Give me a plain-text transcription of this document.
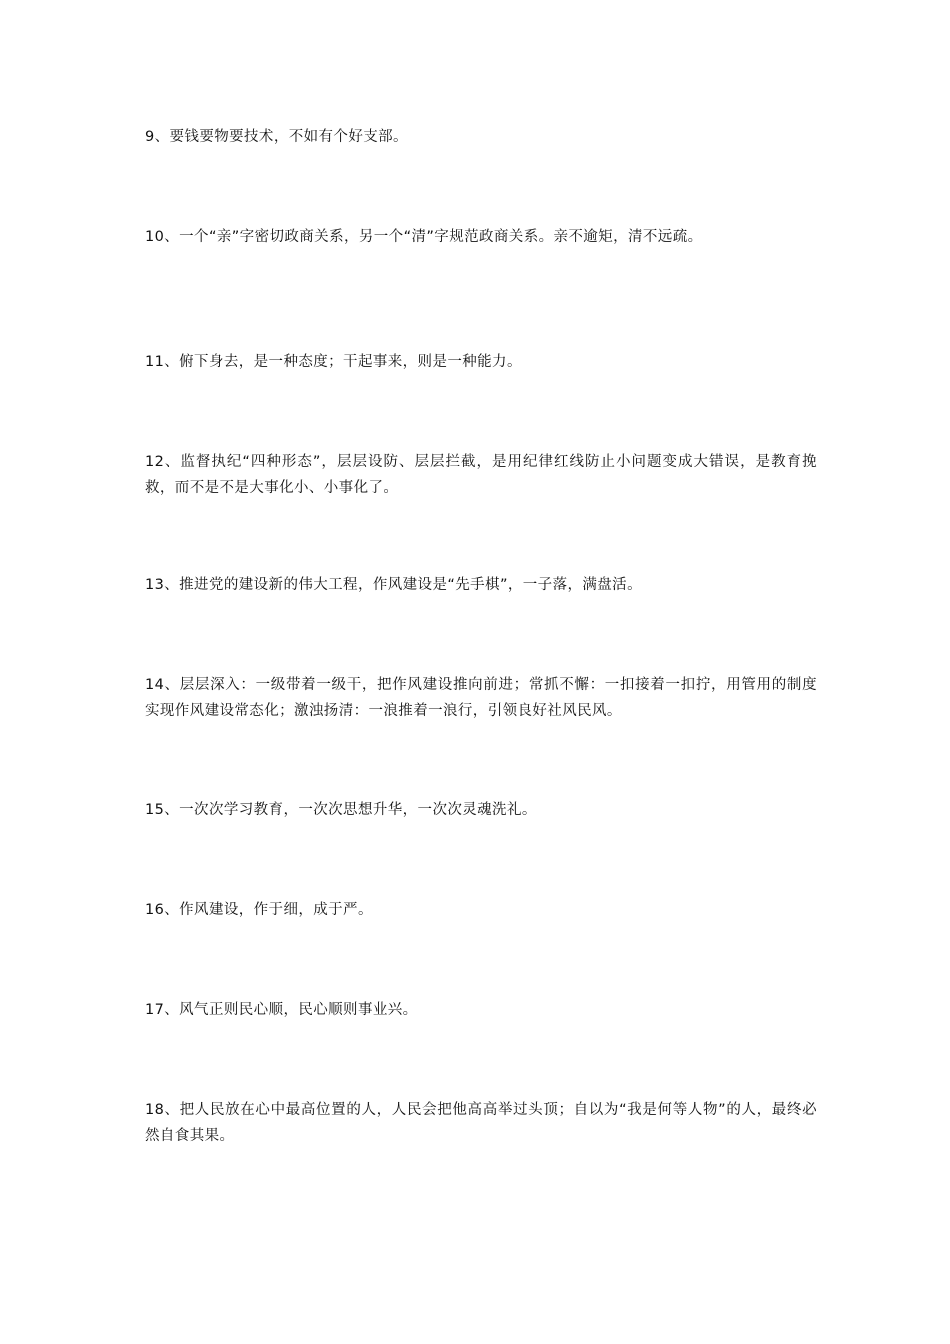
9、要钱要物要技术，不如有个好支部。

10、一个“亲”字密切政商关系，另一个“清”字规范政商关系。亲不逾矩，清不远疏。

11、俯下身去，是一种态度；干起事来，则是一种能力。

12、监督执纪“四种形态”，层层设防、层层拦截，是用纪律红线防止小问题变成大错误，是教育挽救，而不是不是大事化小、小事化了。

13、推进党的建设新的伟大工程，作风建设是“先手棋”，一子落，满盘活。

14、层层深入：一级带着一级干，把作风建设推向前进；常抓不懈：一扣接着一扣拧，用管用的制度实现作风建设常态化；激浊扬清：一浪推着一浪行，引领良好社风民风。

15、一次次学习教育，一次次思想升华，一次次灵魂洗礼。

16、作风建设，作于细，成于严。

17、风气正则民心顺，民心顺则事业兴。

18、把人民放在心中最高位置的人，人民会把他高高举过头顶；自以为“我是何等人物”的人，最终必然自食其果。
